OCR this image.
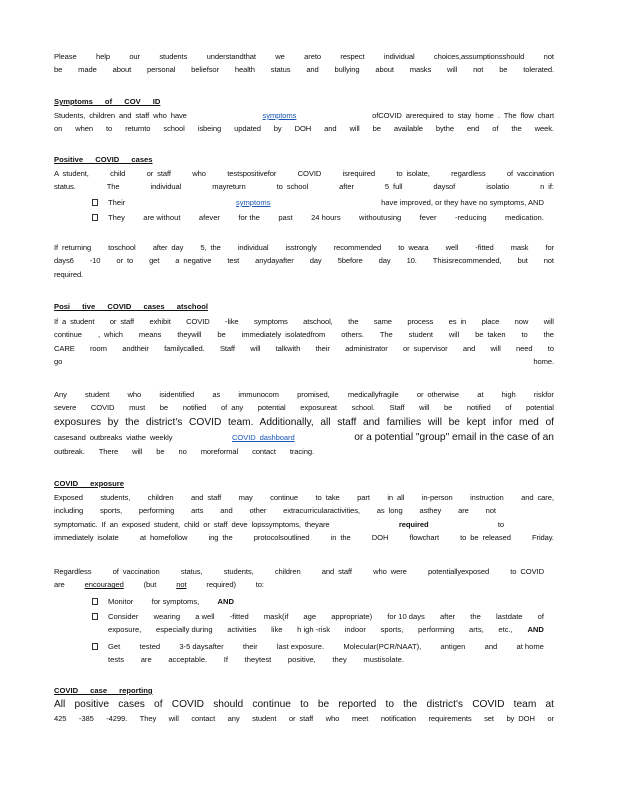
Please	help	our	students	understandthat	we	areto	respect	individual	choices,assumptionsshould	not
be made about personal beliefsor health status and bullying about masks will not be tolerated.
Symptoms of COV ID
Students, children and staff who have	symptoms	ofCOVID arerequired to stay home . The flow chart
on when to returnto school isbeing updated by DOH and will be available bythe end of the week.
Positive COVID cases
A student,	child	or staff	who	testspositivefor	COVID	isrequired	to isolate,	regardless	of vaccination
status.	The	individual	mayreturn	to school	after	5 full	daysof	isolatio	n if:
Their	symptoms	have improved, or they have no symptoms, AND
They are without afever for the past 24 hours withoutusing fever -reducing medication.
If returning toschool after day 5, the individual isstrongly recommended to weara well -fitted mask for
days6 -10 or to get a negative test anydayafter day 5before day 10. Thisisrecommended, but not
required.
Posi tive COVID cases atschool
If a student or staff exhibit COVID -like symptoms atschool, the same process es in place now will
continue , which means theywill be immediately isolatedfrom others. The student will be taken to the
CARE room andtheir familycalled. Staff will talkwith their administrator or supervisor and will need to
go home.
Any student who isidentified as immunocom promised, medicallyfragile or otherwise at high riskfor
severe COVID must be notified of any potential exposureat school. Staff will be notified of potential
exposures by the district's COVID team. Additionally, all staff and families will be kept infor med of
casesand outbreaks viathe weekly	COVID dashboard	or a potential "group" email in the case of an
outbreak. There will be no moreformal contact tracing.
COVID exposure
Exposed students, children and staff may continue to take part in all in-person instruction and care,
including sports, performing arts and other extracurricularactivities, as long asthey are not
symptomatic. If an exposed student, child or staff deve lopssymptoms, theyare	required	to
immediately isolate	at homefollow	ing the	protocolsoutlined	in the	DOH	flowchart	to be released	Friday.
Regardless	of vaccination	status,	students,	children	and staff	who were	potentiallyexposed	to COVID
are	encouraged	(but	not	required)	to:
Monitor for symptoms, AND
Consider wearing a well -fitted mask(if age appropriate) for 10 days after the lastdate of
exposure, especially during activities like h igh -risk indoor sports, performing arts, etc., AND
Get	tested	3-5 daysafter	their	last exposure.	Molecular(PCR/NAAT),	antigen	and	at home
tests are acceptable. If theytest positive, they mustisolate.
COVID case reporting
All positive cases of COVID should continue to be reported to the district's COVID team at
425 -385 -4299. They will contact any student or staff who meet notification requirements set by DOH or
